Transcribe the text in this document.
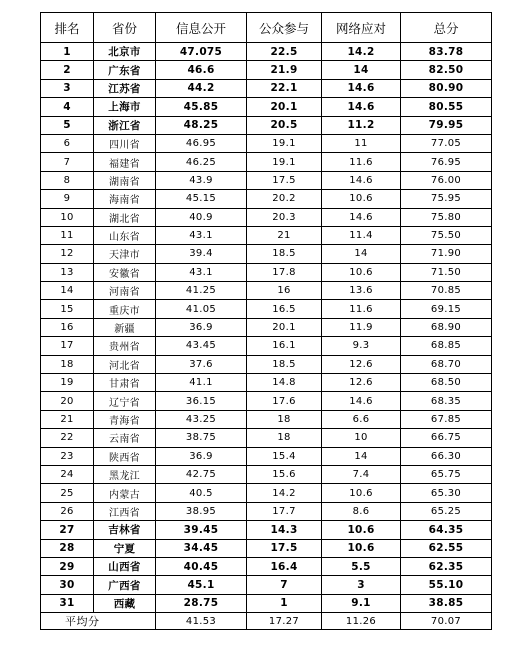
排名	省份	信息公开	公众参与	网络应对	总分
1	北京市	47.075	22.5	14.2	83.78
2	广东省	46.6	21.9	14	82.50
3	江苏省	44.2	22.1	14.6	80.90
4	上海市	45.85	20.1	14.6	80.55
5	浙江省	48.25	20.5	11.2	79.95
6	四川省	46.95	19.1	11	77.05
7	福建省	46.25	19.1	11.6	76.95
8	湖南省	43.9	17.5	14.6	76.00
9	海南省	45.15	20.2	10.6	75.95
10	湖北省	40.9	20.3	14.6	75.80
11	山东省	43.1	21	11.4	75.50
12	天津市	39.4	18.5	14	71.90
13	安徽省	43.1	17.8	10.6	71.50
14	河南省	41.25	16	13.6	70.85
15	重庆市	41.05	16.5	11.6	69.15
16	新疆	36.9	20.1	11.9	68.90
17	贵州省	43.45	16.1	9.3	68.85
18	河北省	37.6	18.5	12.6	68.70
19	甘肃省	41.1	14.8	12.6	68.50
20	辽宁省	36.15	17.6	14.6	68.35
21	青海省	43.25	18	6.6	67.85
22	云南省	38.75	18	10	66.75
23	陕西省	36.9	15.4	14	66.30
24	黑龙江	42.75	15.6	7.4	65.75
25	内蒙古	40.5	14.2	10.6	65.30
26	江西省	38.95	17.7	8.6	65.25
27	吉林省	39.45	14.3	10.6	64.35
28	宁夏	34.45	17.5	10.6	62.55
29	山西省	40.45	16.4	5.5	62.35
30	广西省	45.1	7	3	55.10
31	西藏	28.75	1	9.1	38.85
平均分		41.53	17.27	11.26	70.07
